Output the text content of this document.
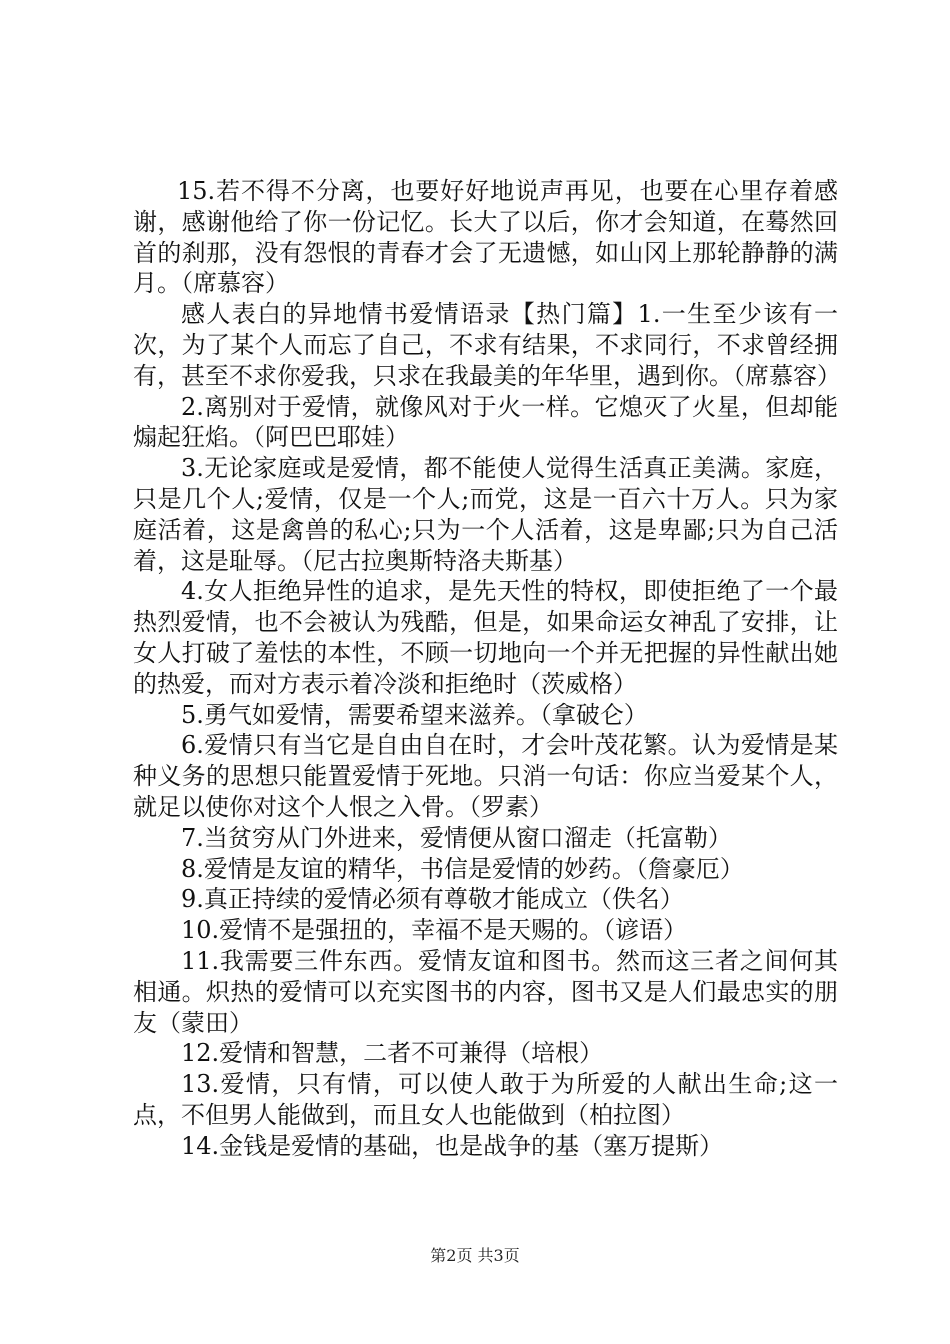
15.若不得不分离，也要好好地说声再见，也要在心里存着感谢，感谢他给了你一份记忆。长大了以后，你才会知道，在蓦然回首的刹那，没有怨恨的青春才会了无遗憾，如山冈上那轮静静的满月。（席慕容）

感人表白的异地情书爱情语录【热门篇】1.一生至少该有一次，为了某个人而忘了自己，不求有结果，不求同行，不求曾经拥有，甚至不求你爱我，只求在我最美的年华里，遇到你。（席慕容）

2.离别对于爱情，就像风对于火一样。它熄灭了火星，但却能煽起狂焰。（阿巴巴耶娃）

3.无论家庭或是爱情，都不能使人觉得生活真正美满。家庭，只是几个人;爱情，仅是一个人;而党，这是一百六十万人。只为家庭活着，这是禽兽的私心;只为一个人活着，这是卑鄙;只为自己活着，这是耻辱。（尼古拉奥斯特洛夫斯基）

4.女人拒绝异性的追求，是先天性的特权，即使拒绝了一个最热烈爱情，也不会被认为残酷，但是，如果命运女神乱了安排，让女人打破了羞怯的本性，不顾一切地向一个并无把握的异性献出她的热爱，而对方表示着冷淡和拒绝时（茨威格）

5.勇气如爱情，需要希望来滋养。（拿破仑）

6.爱情只有当它是自由自在时，才会叶茂花繁。认为爱情是某种义务的思想只能置爱情于死地。只消一句话：你应当爱某个人，就足以使你对这个人恨之入骨。（罗素）

7.当贫穷从门外进来，爱情便从窗口溜走（托富勒）

8.爱情是友谊的精华，书信是爱情的妙药。（詹豪厄）

9.真正持续的爱情必须有尊敬才能成立（佚名）

10.爱情不是强扭的，幸福不是天赐的。（谚语）

11.我需要三件东西。爱情友谊和图书。然而这三者之间何其相通。炽热的爱情可以充实图书的内容，图书又是人们最忠实的朋友（蒙田）

12.爱情和智慧，二者不可兼得（培根）

13.爱情，只有情，可以使人敢于为所爱的人献出生命;这一点，不但男人能做到，而且女人也能做到（柏拉图）

14.金钱是爱情的基础，也是战争的基（塞万提斯）

第2页 共3页
